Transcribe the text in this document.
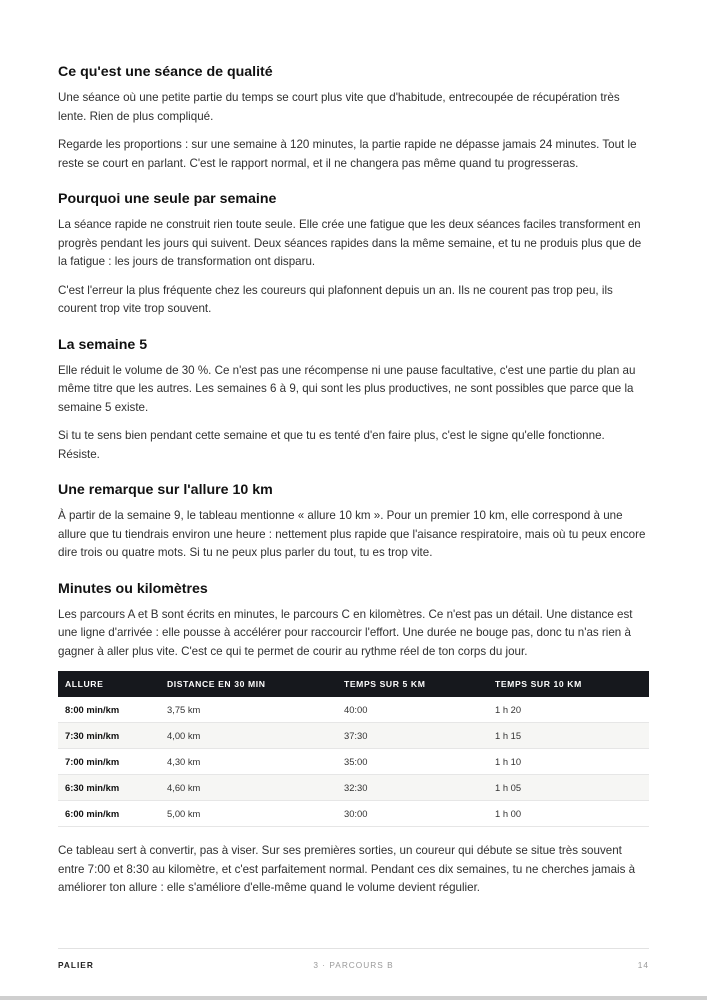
Ce qu'est une séance de qualité

Une séance où une petite partie du temps se court plus vite que d'habitude, entrecoupée de récupération très lente. Rien de plus compliqué.

Regarde les proportions : sur une semaine à 120 minutes, la partie rapide ne dépasse jamais 24 minutes. Tout le reste se court en parlant. C'est le rapport normal, et il ne changera pas même quand tu progresseras.

Pourquoi une seule par semaine

La séance rapide ne construit rien toute seule. Elle crée une fatigue que les deux séances faciles transforment en progrès pendant les jours qui suivent. Deux séances rapides dans la même semaine, et tu ne produis plus que de la fatigue : les jours de transformation ont disparu.

C'est l'erreur la plus fréquente chez les coureurs qui plafonnent depuis un an. Ils ne courent pas trop peu, ils courent trop vite trop souvent.

La semaine 5

Elle réduit le volume de 30 %. Ce n'est pas une récompense ni une pause facultative, c'est une partie du plan au même titre que les autres. Les semaines 6 à 9, qui sont les plus productives, ne sont possibles que parce que la semaine 5 existe.

Si tu te sens bien pendant cette semaine et que tu es tenté d'en faire plus, c'est le signe qu'elle fonctionne. Résiste.

Une remarque sur l'allure 10 km

À partir de la semaine 9, le tableau mentionne « allure 10 km ». Pour un premier 10 km, elle correspond à une allure que tu tiendrais environ une heure : nettement plus rapide que l'aisance respiratoire, mais où tu peux encore dire trois ou quatre mots. Si tu ne peux plus parler du tout, tu es trop vite.

Minutes ou kilomètres

Les parcours A et B sont écrits en minutes, le parcours C en kilomètres. Ce n'est pas un détail. Une distance est une ligne d'arrivée : elle pousse à accélérer pour raccourcir l'effort. Une durée ne bouge pas, donc tu n'as rien à gagner à aller plus vite. C'est ce qui te permet de courir au rythme réel de ton corps du jour.

ALLURE	DISTANCE EN 30 MIN	TEMPS SUR 5 KM	TEMPS SUR 10 KM
8:00 min/km	3,75 km	40:00	1 h 20
7:30 min/km	4,00 km	37:30	1 h 15
7:00 min/km	4,30 km	35:00	1 h 10
6:30 min/km	4,60 km	32:30	1 h 05
6:00 min/km	5,00 km	30:00	1 h 00

Ce tableau sert à convertir, pas à viser. Sur ses premières sorties, un coureur qui débute se situe très souvent entre 7:00 et 8:30 au kilomètre, et c'est parfaitement normal. Pendant ces dix semaines, tu ne cherches jamais à améliorer ton allure : elle s'améliore d'elle-même quand le volume devient régulier.

3 · PARCOURS B
PALIER	14
